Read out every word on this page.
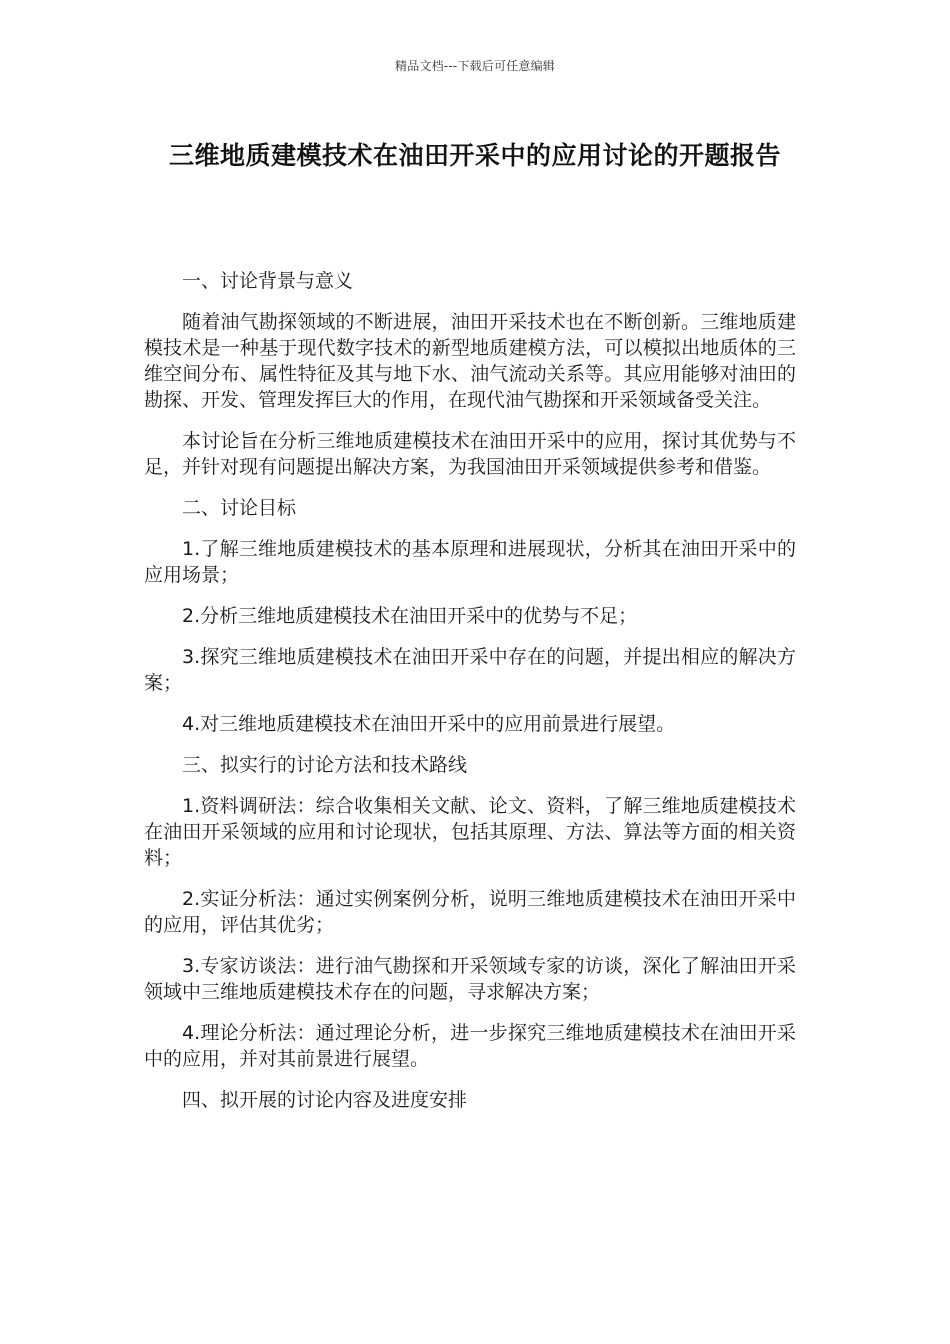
精品文档---下载后可任意编辑
三维地质建模技术在油田开采中的应用讨论的开题报告

一、讨论背景与意义

随着油气勘探领域的不断进展，油田开采技术也在不断创新。三维地质建模技术是一种基于现代数字技术的新型地质建模方法，可以模拟出地质体的三维空间分布、属性特征及其与地下水、油气流动关系等。其应用能够对油田的勘探、开发、管理发挥巨大的作用，在现代油气勘探和开采领域备受关注。

本讨论旨在分析三维地质建模技术在油田开采中的应用，探讨其优势与不足，并针对现有问题提出解决方案，为我国油田开采领域提供参考和借鉴。

二、讨论目标

1.了解三维地质建模技术的基本原理和进展现状，分析其在油田开采中的应用场景；

2.分析三维地质建模技术在油田开采中的优势与不足；

3.探究三维地质建模技术在油田开采中存在的问题，并提出相应的解决方案；

4.对三维地质建模技术在油田开采中的应用前景进行展望。

三、拟实行的讨论方法和技术路线

1.资料调研法：综合收集相关文献、论文、资料，了解三维地质建模技术在油田开采领域的应用和讨论现状，包括其原理、方法、算法等方面的相关资料；

2.实证分析法：通过实例案例分析，说明三维地质建模技术在油田开采中的应用，评估其优劣；

3.专家访谈法：进行油气勘探和开采领域专家的访谈，深化了解油田开采领域中三维地质建模技术存在的问题，寻求解决方案；

4.理论分析法：通过理论分析，进一步探究三维地质建模技术在油田开采中的应用，并对其前景进行展望。

四、拟开展的讨论内容及进度安排
